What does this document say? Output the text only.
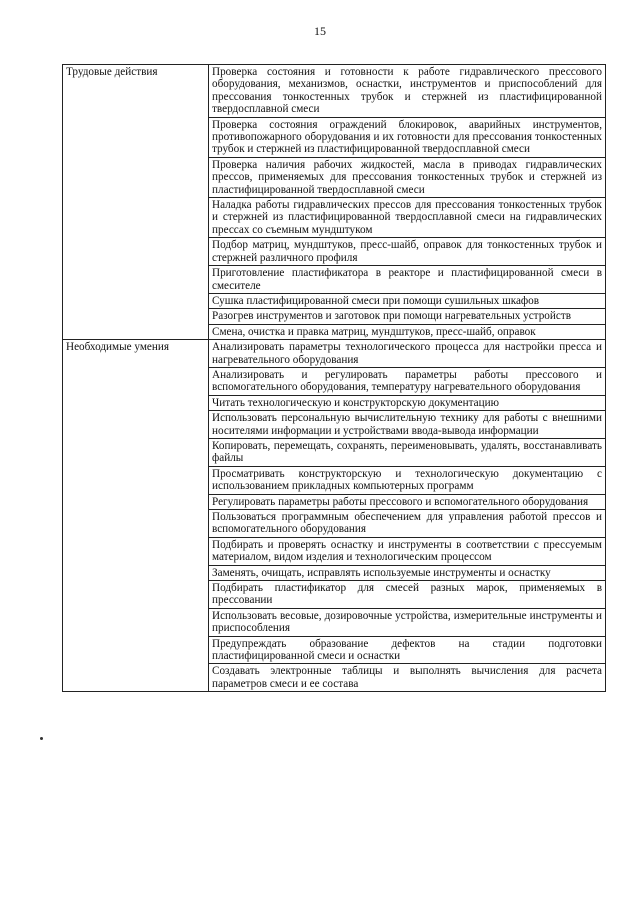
15
Трудовые действия	Проверка состояния и готовности к работе гидравлического прессового оборудования, механизмов, оснастки, инструментов и приспособлений для прессования тонкостенных трубок и стержней из пластифицированной твердосплавной смеси
	Проверка состояния ограждений блокировок, аварийных инструментов, противопожарного оборудования и их готовности для прессования тонкостенных трубок и стержней из пластифицированной твердосплавной смеси
	Проверка наличия рабочих жидкостей, масла в приводах гидравлических прессов, применяемых для прессования тонкостенных трубок и стержней из пластифицированной твердосплавной смеси
	Наладка работы гидравлических прессов для прессования тонкостенных трубок и стержней из пластифицированной твердосплавной смеси на гидравлических прессах со съемным мундштуком
	Подбор матриц, мундштуков, пресс-шайб, оправок для тонкостенных трубок и стержней различного профиля
	Приготовление пластификатора в реакторе и пластифицированной смеси в смесителе
	Сушка пластифицированной смеси при помощи сушильных шкафов
	Разогрев инструментов и заготовок при помощи нагревательных устройств
	Смена, очистка и правка матриц, мундштуков, пресс-шайб, оправок
Необходимые умения	Анализировать параметры технологического процесса для настройки пресса и нагревательного оборудования
	Анализировать и регулировать параметры работы прессового и вспомогательного оборудования, температуру нагревательного оборудования
	Читать технологическую и конструкторскую документацию
	Использовать персональную вычислительную технику для работы с внешними носителями информации и устройствами ввода-вывода информации
	Копировать, перемещать, сохранять, переименовывать, удалять, восстанавливать файлы
	Просматривать конструкторскую и технологическую документацию с использованием прикладных компьютерных программ
	Регулировать параметры работы прессового и вспомогательного оборудования
	Пользоваться программным обеспечением для управления работой прессов и вспомогательного оборудования
	Подбирать и проверять оснастку и инструменты в соответствии с прессуемым материалом, видом изделия и технологическим процессом
	Заменять, очищать, исправлять используемые инструменты и оснастку
	Подбирать пластификатор для смесей разных марок, применяемых в прессовании
	Использовать весовые, дозировочные устройства, измерительные инструменты и приспособления
	Предупреждать образование дефектов на стадии подготовки пластифицированной смеси и оснастки
	Создавать электронные таблицы и выполнять вычисления для расчета параметров смеси и ее состава
